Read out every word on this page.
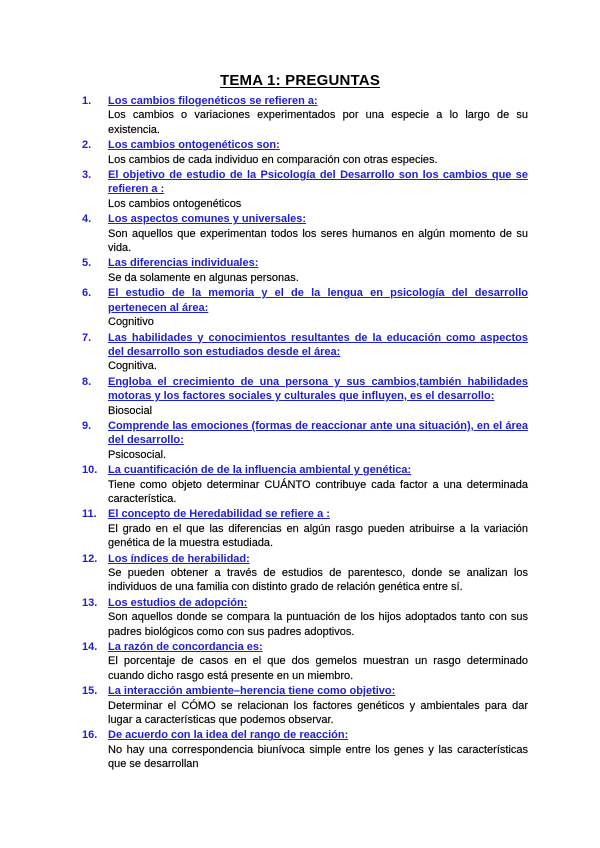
TEMA 1: PREGUNTAS
1.	Los cambios filogenéticos se refieren a:
Los cambios o variaciones experimentados por una especie a lo largo de su existencia.
2.	Los cambios ontogenéticos son:
Los cambios de cada individuo en comparación con otras especies.
3.	El objetivo de estudio de la Psicología del Desarrollo son los cambios que se refieren a :
Los cambios ontogenéticos
4.	Los aspectos comunes y universales:
Son aquellos que experimentan todos los seres humanos en algún momento de su vida.
5.	Las diferencias individuales:
Se da solamente en algunas personas.
6.	El estudio de la memoria y el de la lengua en psicología del desarrollo pertenecen al área:
Cognitivo
7.	Las habilidades y conocimientos resultantes de la educación como aspectos del desarrollo son estudiados desde el área:
Cognitiva.
8.	Engloba el crecimiento de una persona y sus cambios,también habilidades motoras y los factores sociales y culturales que influyen, es el desarrollo:
Biosocial
9.	Comprende las emociones (formas de reaccionar ante una situación), en el área del desarrollo:
Psicosocial.
10. La cuantificación de de la influencia ambiental y genética:
Tiene como objeto determinar CUÁNTO contribuye cada factor a una determinada característica.
11.	El concepto de Heredabilidad se refiere a :
El grado en el que las diferencias en algún rasgo pueden atribuirse a la variación genética de la muestra estudiada.
12. Los índices de herabilidad:
Se pueden obtener a través de estudios de parentesco, donde se analizan los individuos de una familia con distinto grado de relación genética entre sí.
13. Los estudios de adopción:
Son aquellos donde se compara la puntuación de los hijos adoptados tanto con sus padres biológicos como con sus padres adoptivos.
14. La razón de concordancia es:
El porcentaje de casos en el que dos gemelos muestran un rasgo determinado cuando dicho rasgo está presente en un miembro.
15. La interacción ambiente–herencia tiene como objetivo:
Determinar el CÓMO se relacionan los factores genéticos y ambientales para dar lugar a características que podemos observar.
16. De acuerdo con la idea del rango de reacción:
No hay una correspondencia biunívoca simple entre los genes y las características que se desarrollan
